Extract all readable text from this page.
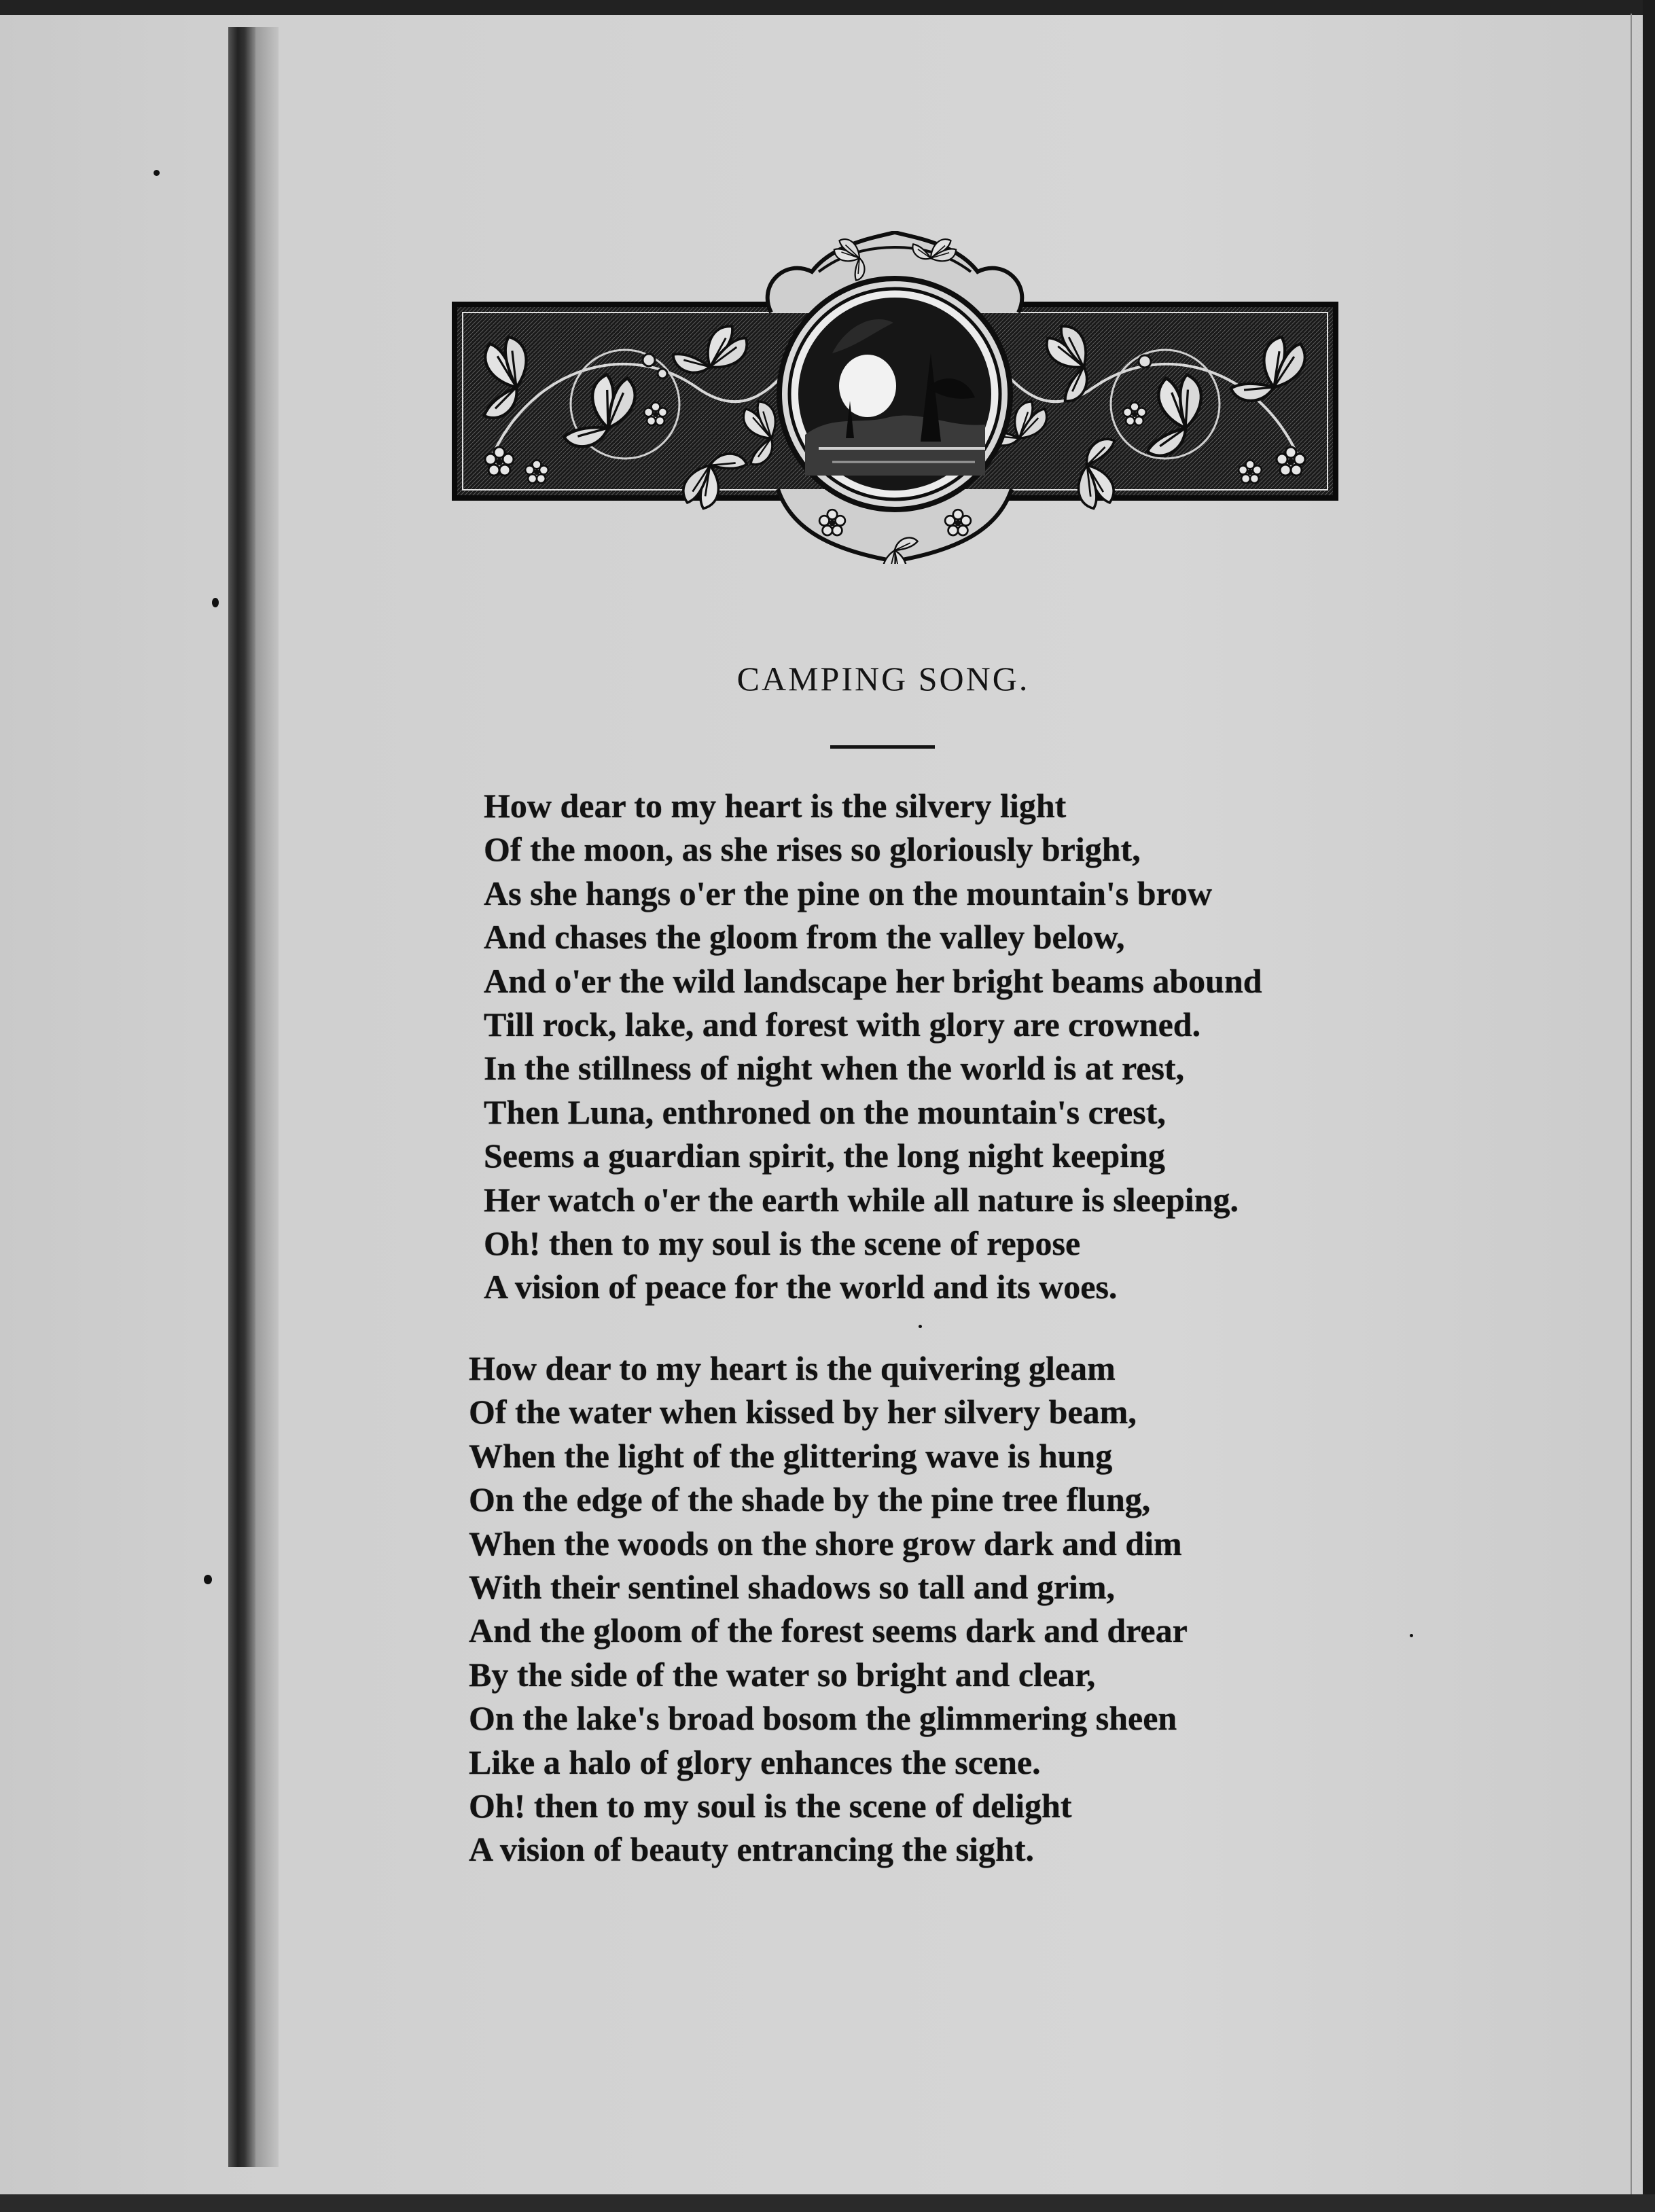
CAMPING SONG.
How dear to my heart is the silvery light
Of the moon, as she rises so gloriously bright,
As she hangs o'er the pine on the mountain's brow
And chases the gloom from the valley below,
And o'er the wild landscape her bright beams abound
Till rock, lake, and forest with glory are crowned.
In the stillness of night when the world is at rest,
Then Luna, enthroned on the mountain's crest,
Seems a guardian spirit, the long night keeping
Her watch o'er the earth while all nature is sleeping.
Oh! then to my soul is the scene of repose
A vision of peace for the world and its woes.
How dear to my heart is the quivering gleam
Of the water when kissed by her silvery beam,
When the light of the glittering wave is hung
On the edge of the shade by the pine tree flung,
When the woods on the shore grow dark and dim
With their sentinel shadows so tall and grim,
And the gloom of the forest seems dark and drear
By the side of the water so bright and clear,
On the lake's broad bosom the glimmering sheen
Like a halo of glory enhances the scene.
Oh! then to my soul is the scene of delight
A vision of beauty entrancing the sight.
